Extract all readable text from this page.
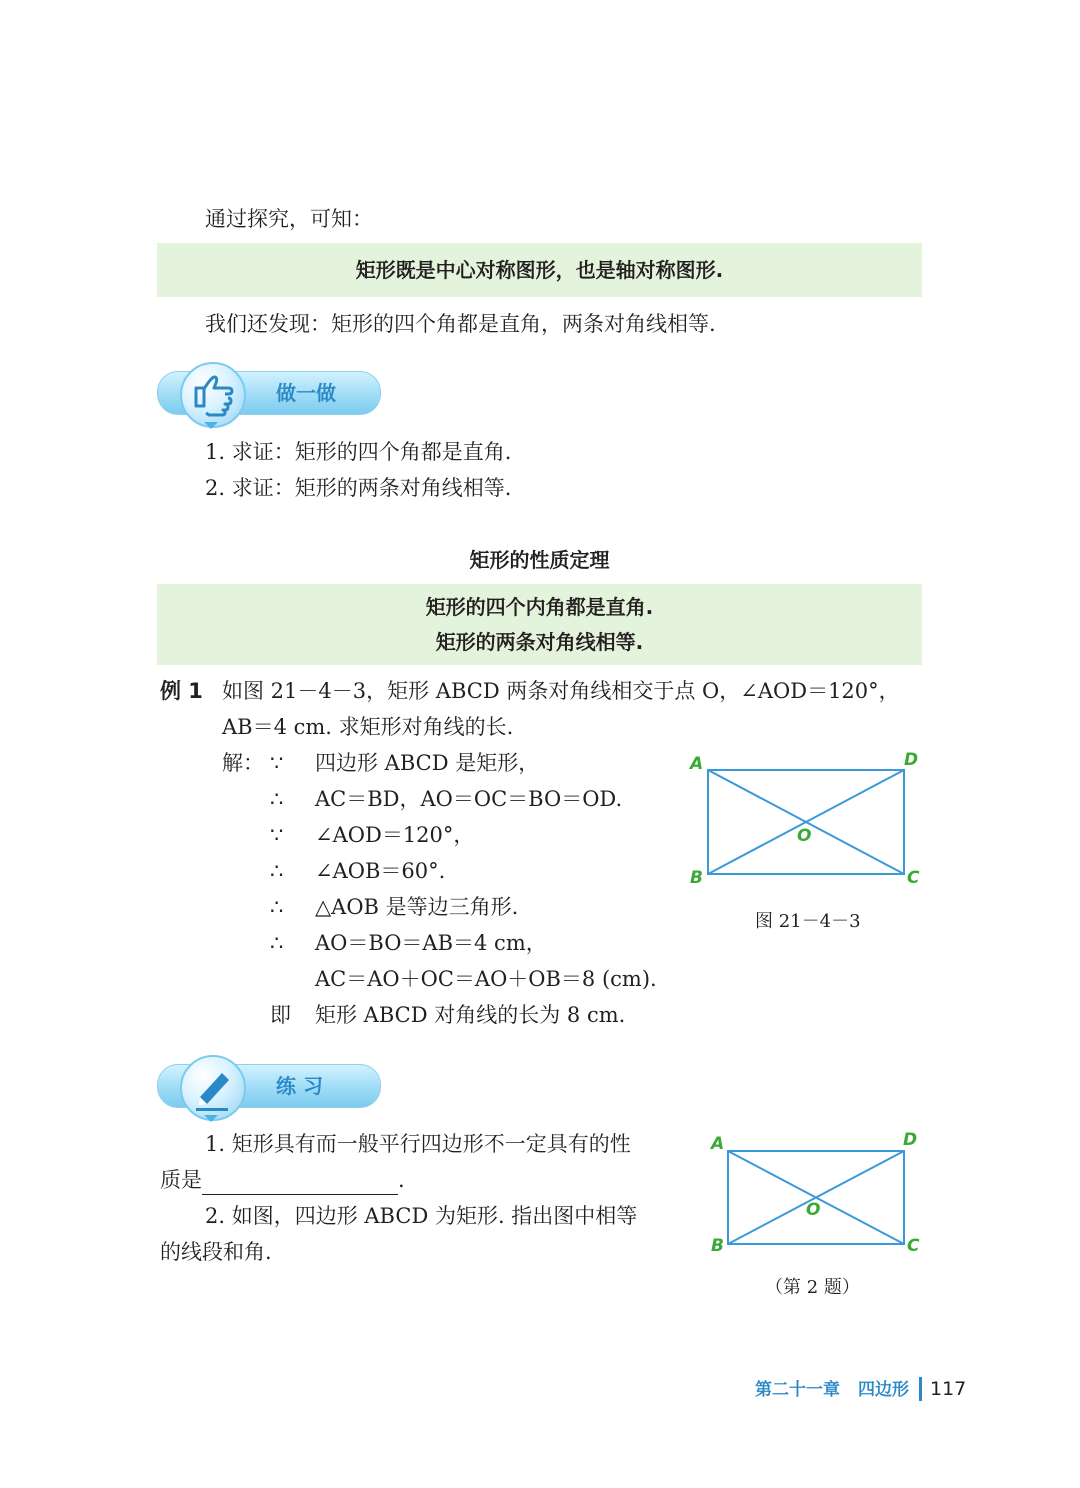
通过探究，可知：
矩形既是中心对称图形，也是轴对称图形.
我们还发现：矩形的四个角都是直角，两条对角线相等.
做一做
1. 求证：矩形的四个角都是直角.
2. 求证：矩形的两条对角线相等.
矩形的性质定理
矩形的四个内角都是直角.
矩形的两条对角线相等.
例 1 如图 21－4－3，矩形 ABCD 两条对角线相交于点 O，∠AOD＝120°，
AB＝4 cm. 求矩形对角线的长.
解： ∵ 四边形 ABCD 是矩形，
∴ AC＝BD，AO＝OC＝BO＝OD.
∵ ∠AOD＝120°，
∴ ∠AOB＝60°.
∴ △AOB 是等边三角形.
∴ AO＝BO＝AB＝4 cm，
AC＝AO＋OC＝AO＋OB＝8 (cm).
即 矩形 ABCD 对角线的长为 8 cm.
A	D
B	C
O
图 21－4－3
练 习
1. 矩形具有而一般平行四边形不一定具有的性
质是	.
2. 如图，四边形 ABCD 为矩形. 指出图中相等
的线段和角.
A	D
B	C
O
（第 2 题）
第二十一章 四边形 117
